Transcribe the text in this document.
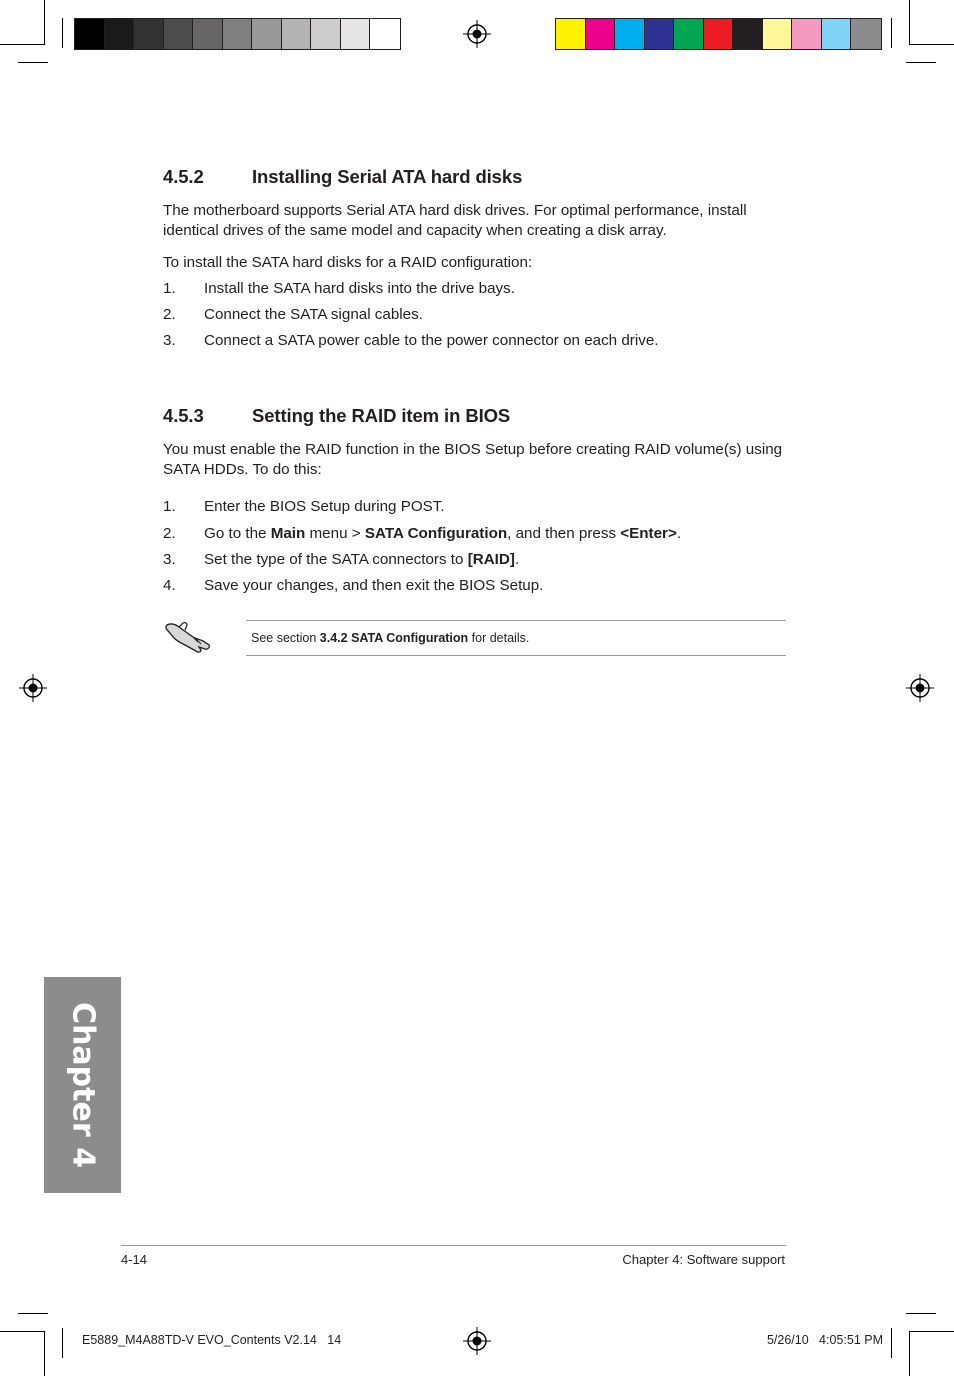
4.5.2	Installing Serial ATA hard disks
The motherboard supports Serial ATA hard disk drives. For optimal performance, install identical drives of the same model and capacity when creating a disk array.
To install the SATA hard disks for a RAID configuration:
1. Install the SATA hard disks into the drive bays.
2. Connect the SATA signal cables.
3. Connect a SATA power cable to the power connector on each drive.
4.5.3	Setting the RAID item in BIOS
You must enable the RAID function in the BIOS Setup before creating RAID volume(s) using SATA HDDs. To do this:
1. Enter the BIOS Setup during POST.
2. Go to the Main menu > SATA Configuration, and then press <Enter>.
3. Set the type of the SATA connectors to [RAID].
4. Save your changes, and then exit the BIOS Setup.
See section 3.4.2 SATA Configuration for details.
Chapter 4
4-14	Chapter 4: Software support
E5889_M4A88TD-V EVO_Contents V2.14 14	5/26/10   4:05:51 PM
